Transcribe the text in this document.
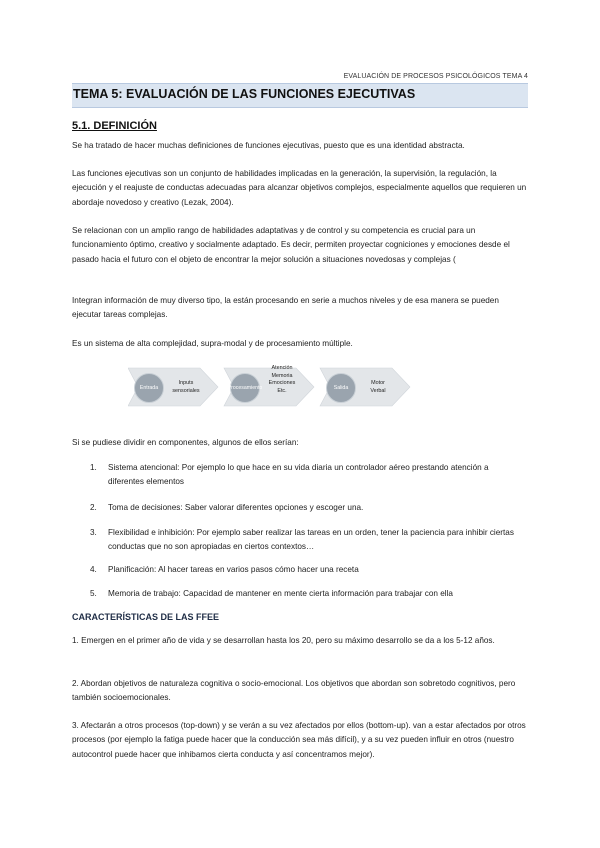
EVALUACIÓN DE PROCESOS PSICOLÓGICOS TEMA 4
TEMA 5: EVALUACIÓN DE LAS FUNCIONES EJECUTIVAS
5.1. DEFINICIÓN

Se ha tratado de hacer muchas definiciones de funciones ejecutivas, puesto que es una identidad abstracta.

Las funciones ejecutivas son un conjunto de habilidades implicadas en la generación, la supervisión, la regulación, la ejecución y el reajuste de conductas adecuadas para alcanzar objetivos complejos, especialmente aquellos que requieren un abordaje novedoso y creativo (Lezak, 2004).

Se relacionan con un amplio rango de habilidades adaptativas y de control y su competencia es crucial para un funcionamiento óptimo, creativo y socialmente adaptado. Es decir, permiten proyectar cogniciones y emociones desde el pasado hacia el futuro con el objeto de encontrar la mejor solución a situaciones novedosas y complejas (

Integran información de muy diverso tipo, la están procesando en serie a muchos niveles y de esa manera se pueden ejecutar tareas complejas.

Es un sistema de alta complejidad, supra-modal y de procesamiento múltiple.

Entrada
Inputs
sensoriales	Procesamiento
Atención
Memoria
Emociones
Etc.	Salida
Motor
Verbal

Si se pudiese dividir en componentes, algunos de ellos serían:

1. Sistema atencional: Por ejemplo lo que hace en su vida diaria un controlador aéreo prestando atención a diferentes elementos
2. Toma de decisiones: Saber valorar diferentes opciones y escoger una.
3. Flexibilidad e inhibición: Por ejemplo saber realizar las tareas en un orden, tener la paciencia para inhibir ciertas conductas que no son apropiadas en ciertos contextos…
4. Planificación: Al hacer tareas en varios pasos cómo hacer una receta
5. Memoria de trabajo: Capacidad de mantener en mente cierta información para trabajar con ella
CARACTERÍSTICAS DE LAS FFEE

1. Emergen en el primer año de vida y se desarrollan hasta los 20, pero su máximo desarrollo se da a los 5-12 años.

2. Abordan objetivos de naturaleza cognitiva o socio-emocional. Los objetivos que abordan son sobretodo cognitivos, pero también socioemocionales.

3. Afectarán a otros procesos (top-down) y se verán a su vez afectados por ellos (bottom-up). van a estar afectados por otros procesos (por ejemplo la fatiga puede hacer que la conducción sea más difícil), y a su vez pueden influir en otros (nuestro autocontrol puede hacer que inhibamos cierta conducta y así concentramos mejor).
